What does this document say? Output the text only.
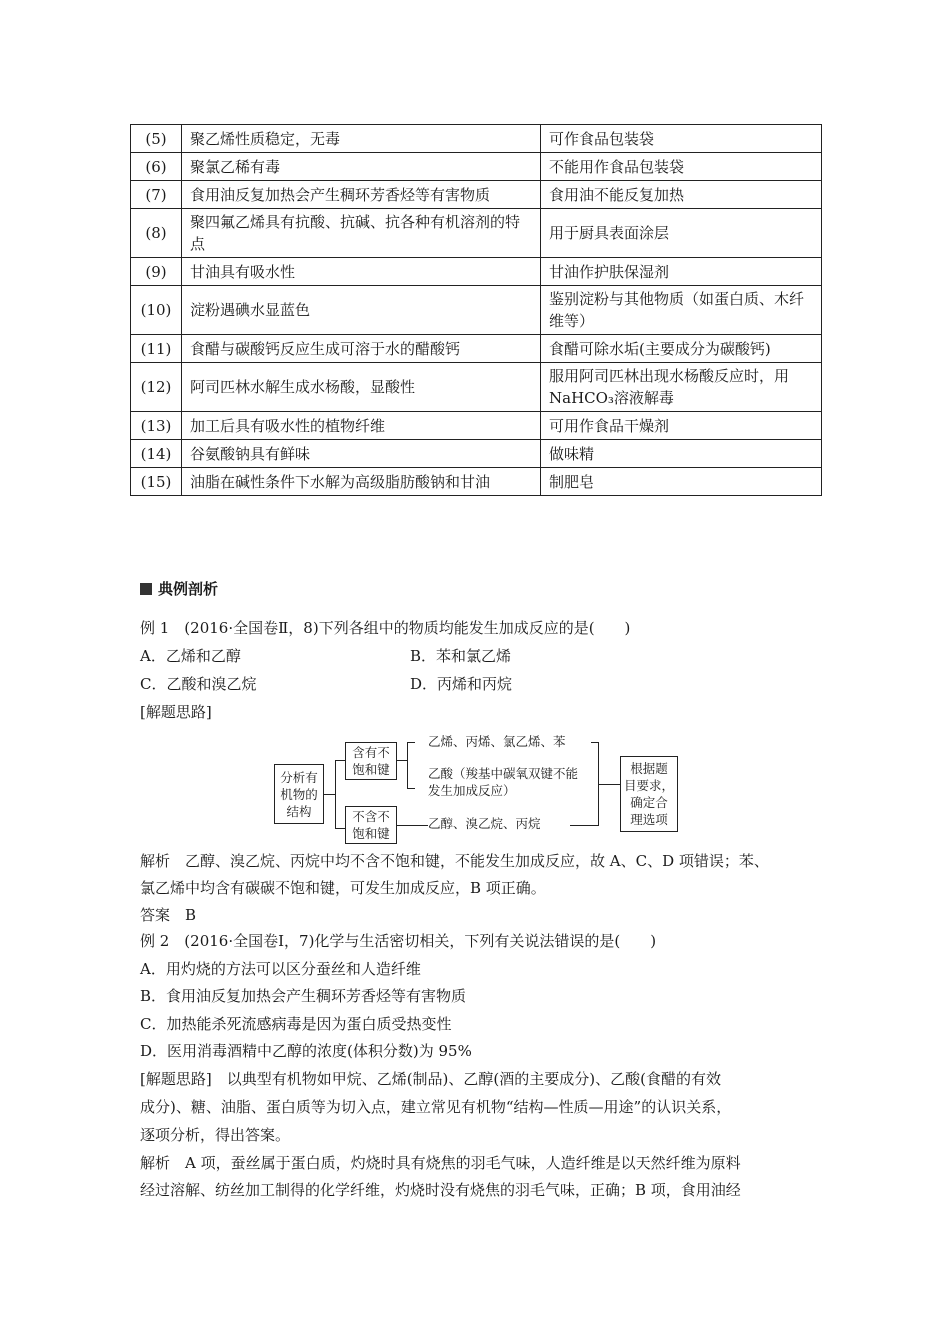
(5)	聚乙烯性质稳定，无毒	可作食品包装袋
(6)	聚氯乙稀有毒	不能用作食品包装袋
(7)	食用油反复加热会产生稠环芳香烃等有害物质	食用油不能反复加热
(8)	聚四氟乙烯具有抗酸、抗碱、抗各种有机溶剂的特点	用于厨具表面涂层
(9)	甘油具有吸水性	甘油作护肤保湿剂
(10)	淀粉遇碘水显蓝色	鉴别淀粉与其他物质（如蛋白质、木纤维等）
(11)	食醋与碳酸钙反应生成可溶于水的醋酸钙	食醋可除水垢(主要成分为碳酸钙)
(12)	阿司匹林水解生成水杨酸，显酸性	服用阿司匹林出现水杨酸反应时，用NaHCO₃溶液解毒
(13)	加工后具有吸水性的植物纤维	可用作食品干燥剂
(14)	谷氨酸钠具有鲜味	做味精
(15)	油脂在碱性条件下水解为高级脂肪酸钠和甘油	制肥皂
典例剖析
例 1　(2016·全国卷Ⅱ，8)下列各组中的物质均能发生加成反应的是(　　)
A．乙烯和乙醇	B．苯和氯乙烯
C．乙酸和溴乙烷	D．丙烯和丙烷
[解题思路]
分析有
机物的
结构
含有不
饱和键
不含不
饱和键
乙烯、丙烯、氯乙烯、苯
乙酸（羧基中碳氧双键不能
发生加成反应）
乙醇、溴乙烷、丙烷
根据题
目要求，
确定合
理选项
解析　乙醇、溴乙烷、丙烷中均不含不饱和键，不能发生加成反应，故 A、C、D 项错误；苯、
氯乙烯中均含有碳碳不饱和键，可发生加成反应，B 项正确。
答案　B
例 2　(2016·全国卷Ⅰ，7)化学与生活密切相关，下列有关说法错误的是(　　)
A．用灼烧的方法可以区分蚕丝和人造纤维
B．食用油反复加热会产生稠环芳香烃等有害物质
C．加热能杀死流感病毒是因为蛋白质受热变性
D．医用消毒酒精中乙醇的浓度(体积分数)为 95%
[解题思路]　以典型有机物如甲烷、乙烯(制品)、乙醇(酒的主要成分)、乙酸(食醋的有效
成分)、糖、油脂、蛋白质等为切入点，建立常见有机物“结构—性质—用途”的认识关系，
逐项分析，得出答案。
解析　A 项，蚕丝属于蛋白质，灼烧时具有烧焦的羽毛气味，人造纤维是以天然纤维为原料
经过溶解、纺丝加工制得的化学纤维，灼烧时没有烧焦的羽毛气味，正确；B 项，食用油经
